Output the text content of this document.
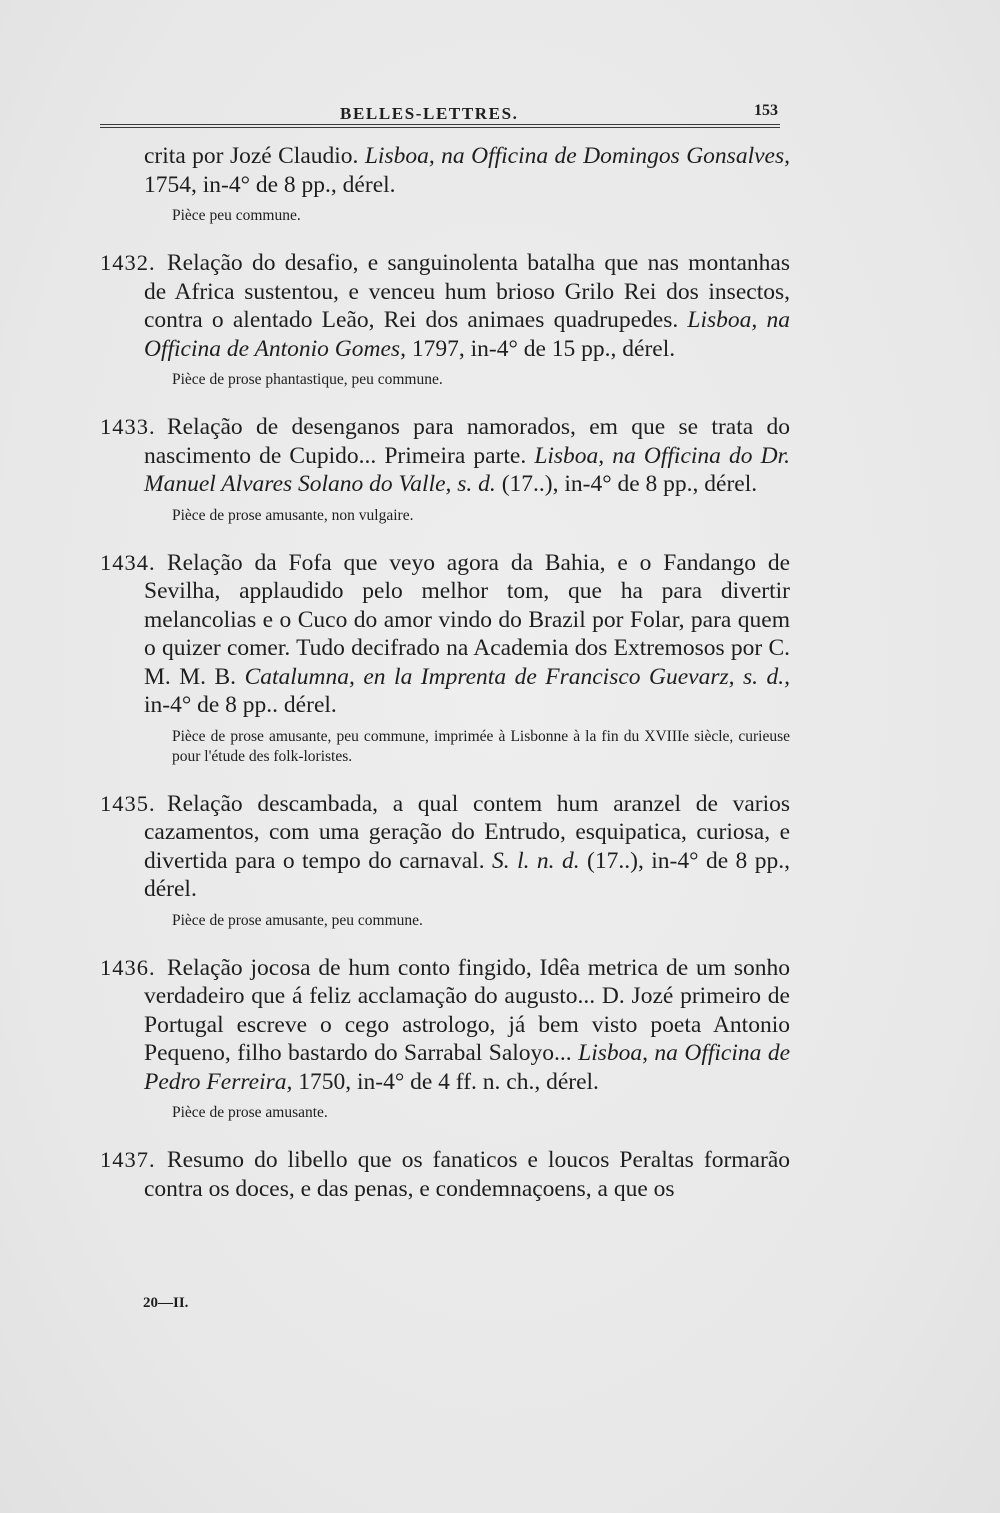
BELLES-LETTRES.	153

crita por Jozé Claudio. Lisboa, na Officina de Domingos Gonsalves, 1754, in-4° de 8 pp., dérel.

Pièce peu commune.

1432. Relação do desafio, e sanguinolenta batalha que nas montanhas de Africa sustentou, e venceu hum brioso Grilo Rei dos insectos, contra o alentado Leão, Rei dos animaes quadrupedes. Lisboa, na Officina de Antonio Gomes, 1797, in-4° de 15 pp., dérel.

Pièce de prose phantastique, peu commune.

1433. Relação de desenganos para namorados, em que se trata do nascimento de Cupido... Primeira parte. Lisboa, na Officina do Dr. Manuel Alvares Solano do Valle, s. d. (17..), in-4° de 8 pp., dérel.

Pièce de prose amusante, non vulgaire.

1434. Relação da Fofa que veyo agora da Bahia, e o Fandango de Sevilha, applaudido pelo melhor tom, que ha para divertir melancolias e o Cuco do amor vindo do Brazil por Folar, para quem o quizer comer. Tudo decifrado na Academia dos Extremosos por C. M. M. B. Catalumna, en la Imprenta de Francisco Guevarz, s. d., in-4° de 8 pp.. dérel.

Pièce de prose amusante, peu commune, imprimée à Lisbonne à la fin du XVIIIe siècle, curieuse pour l'étude des folk-loristes.

1435. Relação descambada, a qual contem hum aranzel de varios cazamentos, com uma geração do Entrudo, esquipatica, curiosa, e divertida para o tempo do carnaval. S. l. n. d. (17..), in-4° de 8 pp., dérel.

Pièce de prose amusante, peu commune.

1436. Relação jocosa de hum conto fingido, Idêa metrica de um sonho verdadeiro que á feliz acclamação do augusto... D. Jozé primeiro de Portugal escreve o cego astrologo, já bem visto poeta Antonio Pequeno, filho bastardo do Sarrabal Saloyo... Lisboa, na Officina de Pedro Ferreira, 1750, in-4° de 4 ff. n. ch., dérel.

Pièce de prose amusante.

1437. Resumo do libello que os fanaticos e loucos Peraltas formarão contra os doces, e das penas, e condemnaçoens, a que os

20—II.
